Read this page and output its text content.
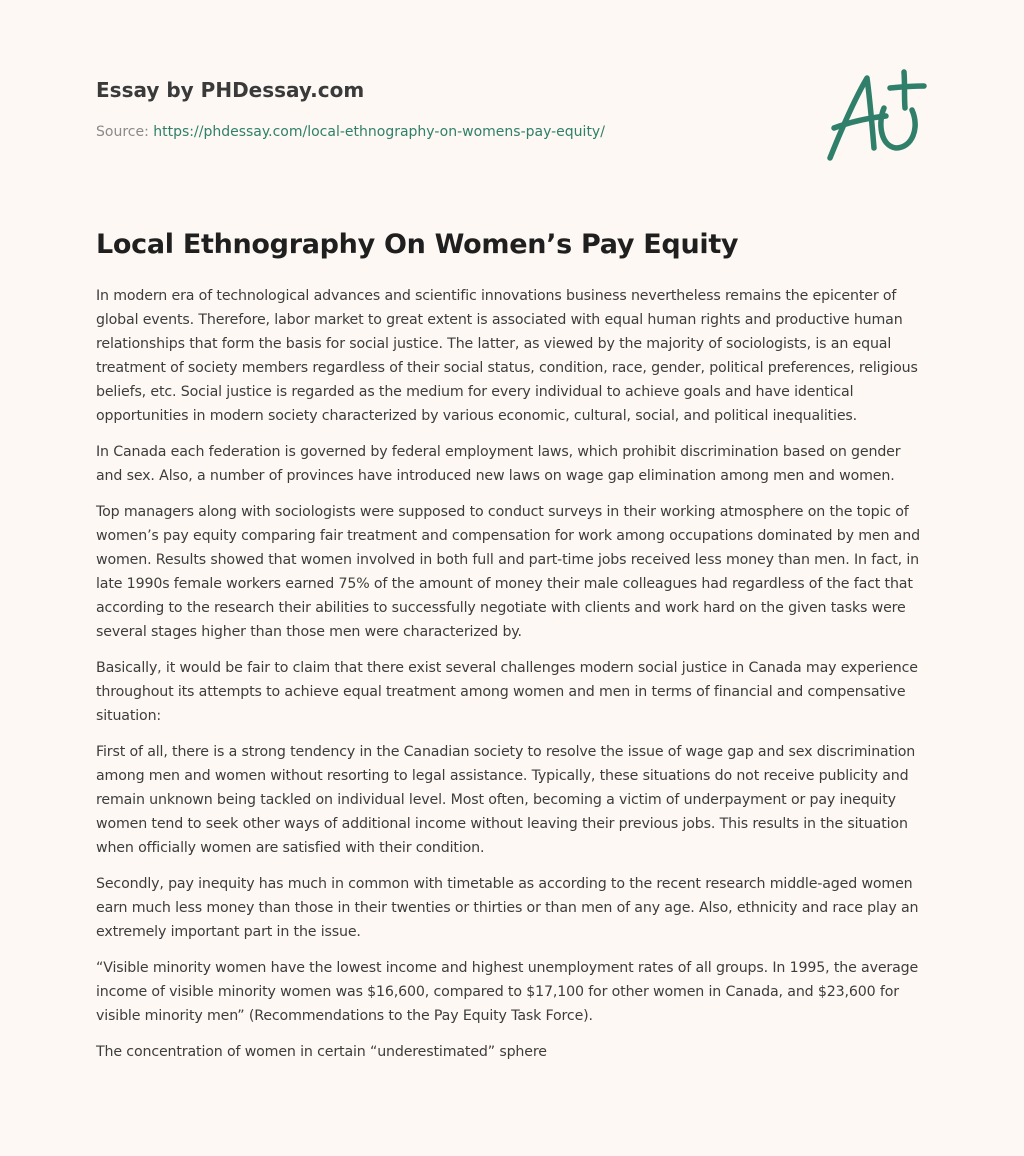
Essay by PHDessay.com
Source: https://phdessay.com/local-ethnography-on-womens-pay-equity/
Local Ethnography On Women’s Pay Equity

In modern era of technological advances and scientific innovations business nevertheless remains the epicenter of global events. Therefore, labor market to great extent is associated with equal human rights and productive human relationships that form the basis for social justice. The latter, as viewed by the majority of sociologists, is an equal treatment of society members regardless of their social status, condition, race, gender, political preferences, religious beliefs, etc. Social justice is regarded as the medium for every individual to achieve goals and have identical opportunities in modern society characterized by various economic, cultural, social, and political inequalities.

In Canada each federation is governed by federal employment laws, which prohibit discrimination based on gender and sex. Also, a number of provinces have introduced new laws on wage gap elimination among men and women.

Top managers along with sociologists were supposed to conduct surveys in their working atmosphere on the topic of women’s pay equity comparing fair treatment and compensation for work among occupations dominated by men and women. Results showed that women involved in both full and part-time jobs received less money than men. In fact, in late 1990s female workers earned 75% of the amount of money their male colleagues had regardless of the fact that according to the research their abilities to successfully negotiate with clients and work hard on the given tasks were several stages higher than those men were characterized by.

Basically, it would be fair to claim that there exist several challenges modern social justice in Canada may experience throughout its attempts to achieve equal treatment among women and men in terms of financial and compensative situation:

First of all, there is a strong tendency in the Canadian society to resolve the issue of wage gap and sex discrimination among men and women without resorting to legal assistance. Typically, these situations do not receive publicity and remain unknown being tackled on individual level. Most often, becoming a victim of underpayment or pay inequity women tend to seek other ways of additional income without leaving their previous jobs. This results in the situation when officially women are satisfied with their condition.

Secondly, pay inequity has much in common with timetable as according to the recent research middle-aged women earn much less money than those in their twenties or thirties or than men of any age. Also, ethnicity and race play an extremely important part in the issue.

“Visible minority women have the lowest income and highest unemployment rates of all groups. In 1995, the average income of visible minority women was $16,600, compared to $17,100 for other women in Canada, and $23,600 for visible minority men” (Recommendations to the Pay Equity Task Force).

The concentration of women in certain “underestimated” sphere
